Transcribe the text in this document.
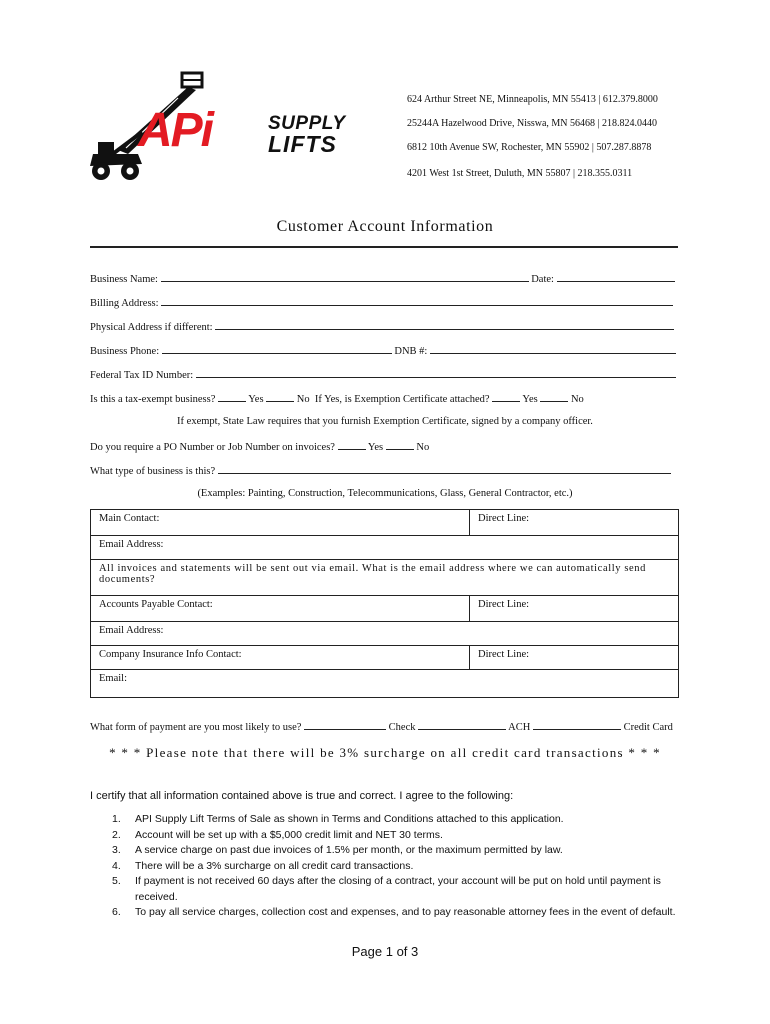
APi	SUPPLY
LIFTS
624 Arthur Street NE, Minneapolis, MN 55413 | 612.379.8000
25244A Hazelwood Drive, Nisswa, MN 56468 | 218.824.0440
6812 10th Avenue SW, Rochester, MN 55902 | 507.287.8878
4201 West 1st Street, Duluth, MN 55807 | 218.355.0311
Customer Account Information
Business Name:	Date:
Billing Address:
Physical Address if different:
Business Phone:	DNB #:
Federal Tax ID Number:
Is this a tax-exempt business?	Yes	No If Yes, is Exemption Certificate attached?	Yes	No
If exempt, State Law requires that you furnish Exemption Certificate, signed by a company officer.
Do you require a PO Number or Job Number on invoices?	Yes	No
What type of business is this?
(Examples: Painting, Construction, Telecommunications, Glass, General Contractor, etc.)
Main Contact:	Direct Line:
Email Address:	
All invoices and statements will be sent out via email. What is the email address where we can automatically send documents?	
Accounts Payable Contact:	Direct Line:
Email Address:	
Company Insurance Info Contact:	Direct Line:
Email:	
What form of payment are you most likely to use?	Check	ACH	Credit Card
* * * Please note that there will be 3% surcharge on all credit card transactions * * *
I certify that all information contained above is true and correct. I agree to the following:
1. API Supply Lift Terms of Sale as shown in Terms and Conditions attached to this application.
2. Account will be set up with a $5,000 credit limit and NET 30 terms.
3. A service charge on past due invoices of 1.5% per month, or the maximum permitted by law.
4. There will be a 3% surcharge on all credit card transactions.
5. If payment is not received 60 days after the closing of a contract, your account will be put on hold until payment is received.
6. To pay all service charges, collection cost and expenses, and to pay reasonable attorney fees in the event of default.
Page 1 of 3
